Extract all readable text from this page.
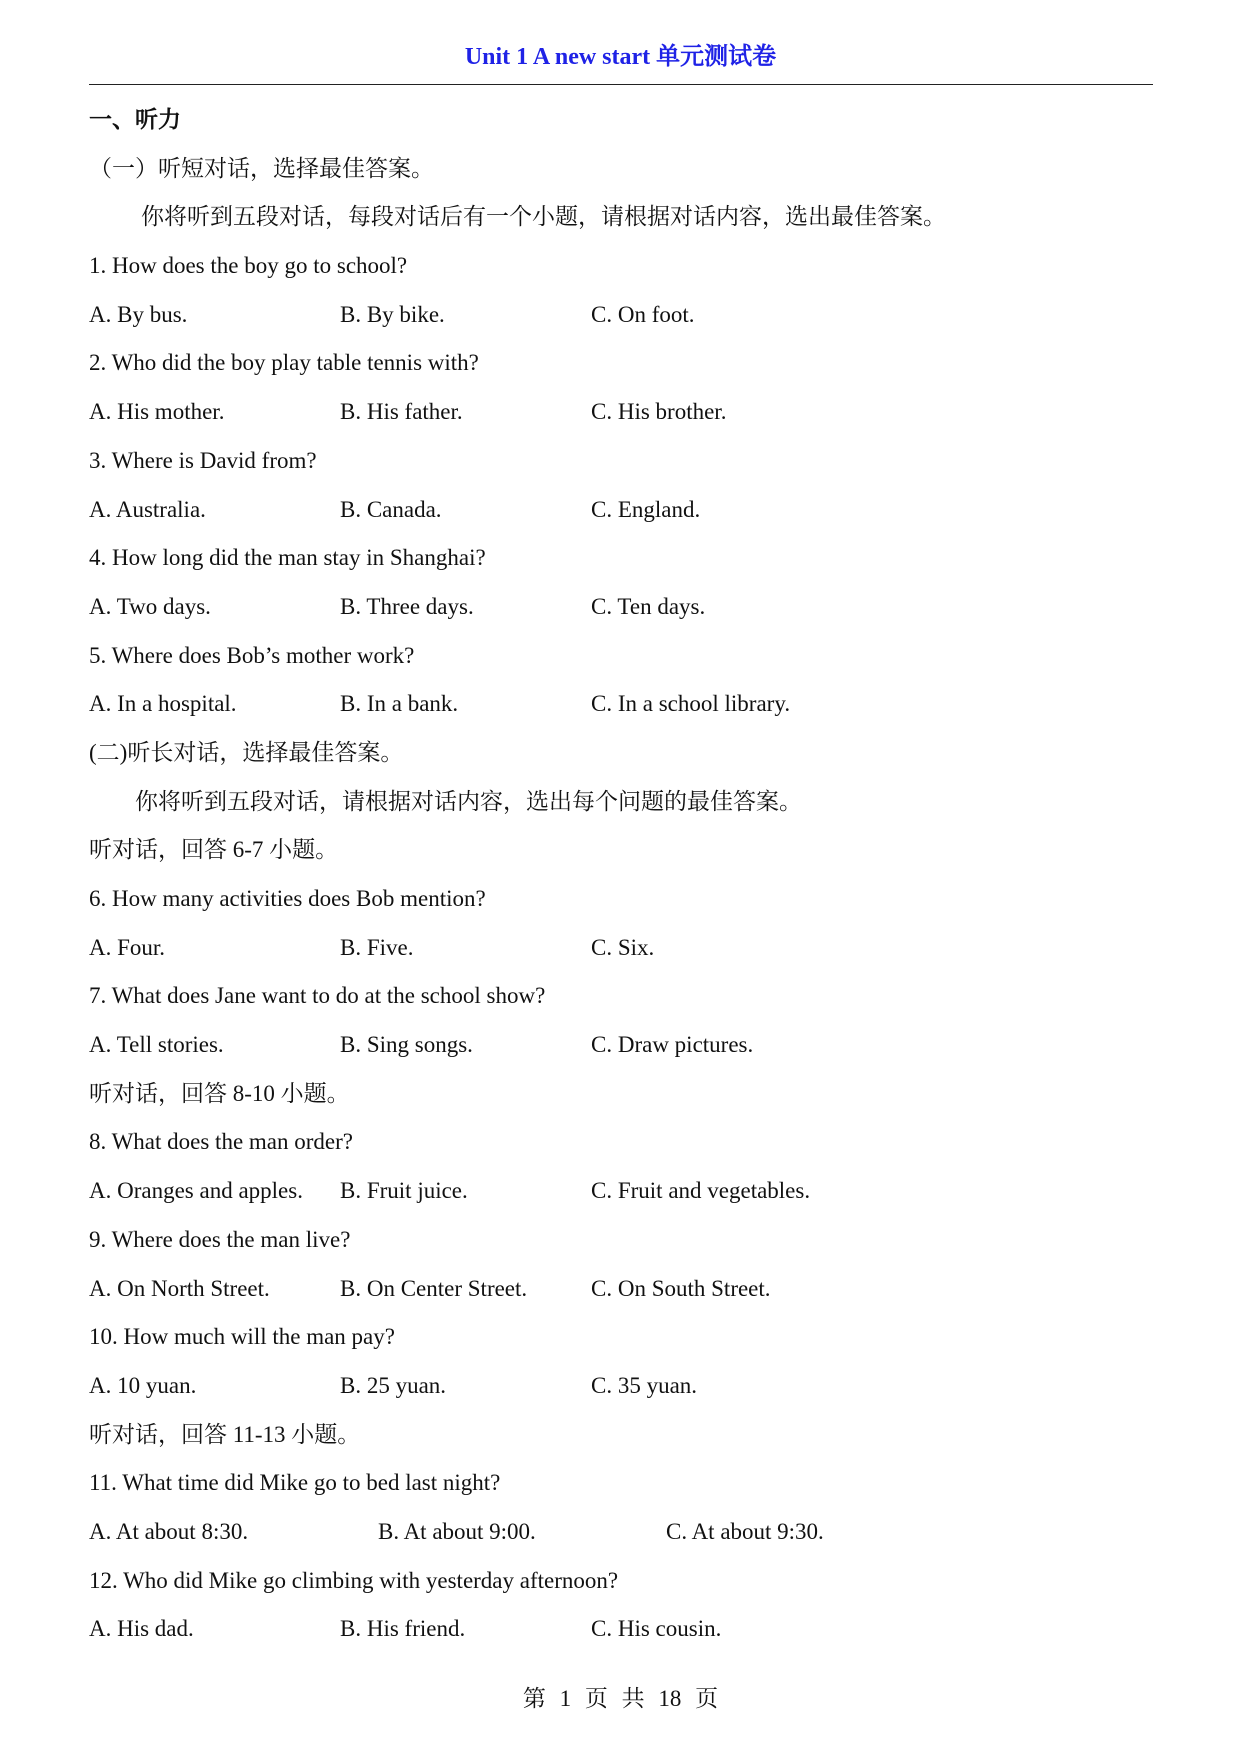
Unit 1 A new start 单元测试卷
一、听力
（一）听短对话，选择最佳答案。
你将听到五段对话，每段对话后有一个小题，请根据对话内容，选出最佳答案。
1. How does the boy go to school?
A. By bus.	B. By bike.	C. On foot.
2. Who did the boy play table tennis with?
A. His mother.	B. His father.	C. His brother.
3. Where is David from?
A. Australia.	B. Canada.	C. England.
4. How long did the man stay in Shanghai?
A. Two days.	B. Three days.	C. Ten days.
5. Where does Bob’s mother work?
A. In a hospital.	B. In a bank.	C. In a school library.
(二)听长对话，选择最佳答案。
你将听到五段对话，请根据对话内容，选出每个问题的最佳答案。
听对话，回答 6-7 小题。
6. How many activities does Bob mention?
A. Four.	B. Five.	C. Six.
7. What does Jane want to do at the school show?
A. Tell stories.	B. Sing songs.	C. Draw pictures.
听对话，回答 8-10 小题。
8. What does the man order?
A. Oranges and apples. B. Fruit juice.	C. Fruit and vegetables.
9. Where does the man live?
A. On North Street.	B. On Center Street.	C. On South Street.
10. How much will the man pay?
A. 10 yuan.	B. 25 yuan.	C. 35 yuan.
听对话，回答 11-13 小题。
11. What time did Mike go to bed last night?
A. At about 8:30.	B. At about 9:00.	C. At about 9:30.
12. Who did Mike go climbing with yesterday afternoon?
A. His dad.	B. His friend.	C. His cousin.
第 1 页 共 18 页
